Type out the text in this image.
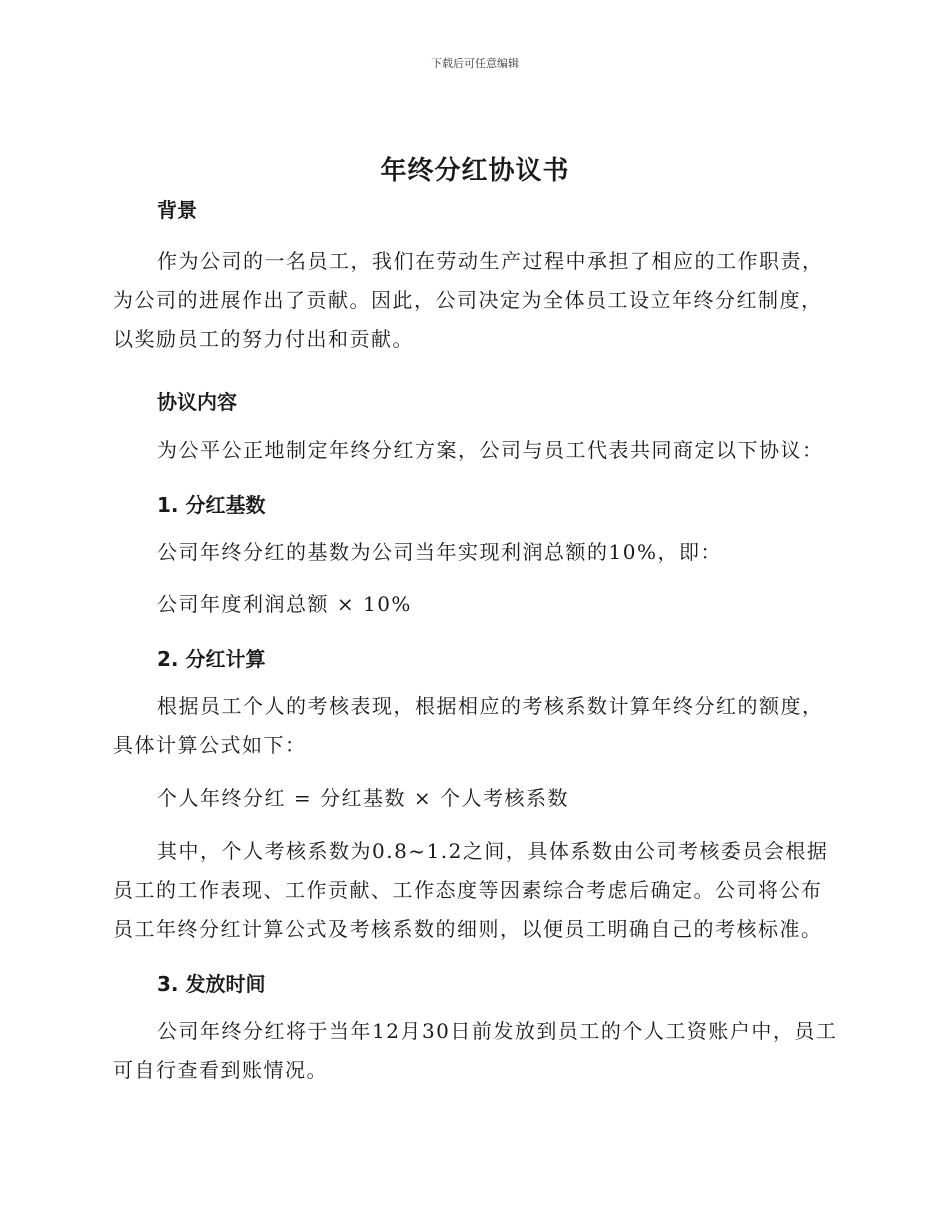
下载后可任意编辑
年终分红协议书

背景

作为公司的一名员工，我们在劳动生产过程中承担了相应的工作职责，为公司的进展作出了贡献。因此，公司决定为全体员工设立年终分红制度，以奖励员工的努力付出和贡献。

协议内容

为公平公正地制定年终分红方案，公司与员工代表共同商定以下协议：

1. 分红基数

公司年终分红的基数为公司当年实现利润总额的10%，即：

公司年度利润总额 × 10%

2. 分红计算

根据员工个人的考核表现，根据相应的考核系数计算年终分红的额度，具体计算公式如下：

个人年终分红 = 分红基数 × 个人考核系数

其中，个人考核系数为0.8~1.2之间，具体系数由公司考核委员会根据员工的工作表现、工作贡献、工作态度等因素综合考虑后确定。公司将公布员工年终分红计算公式及考核系数的细则，以便员工明确自己的考核标准。

3. 发放时间

公司年终分红将于当年12月30日前发放到员工的个人工资账户中，员工可自行查看到账情况。
